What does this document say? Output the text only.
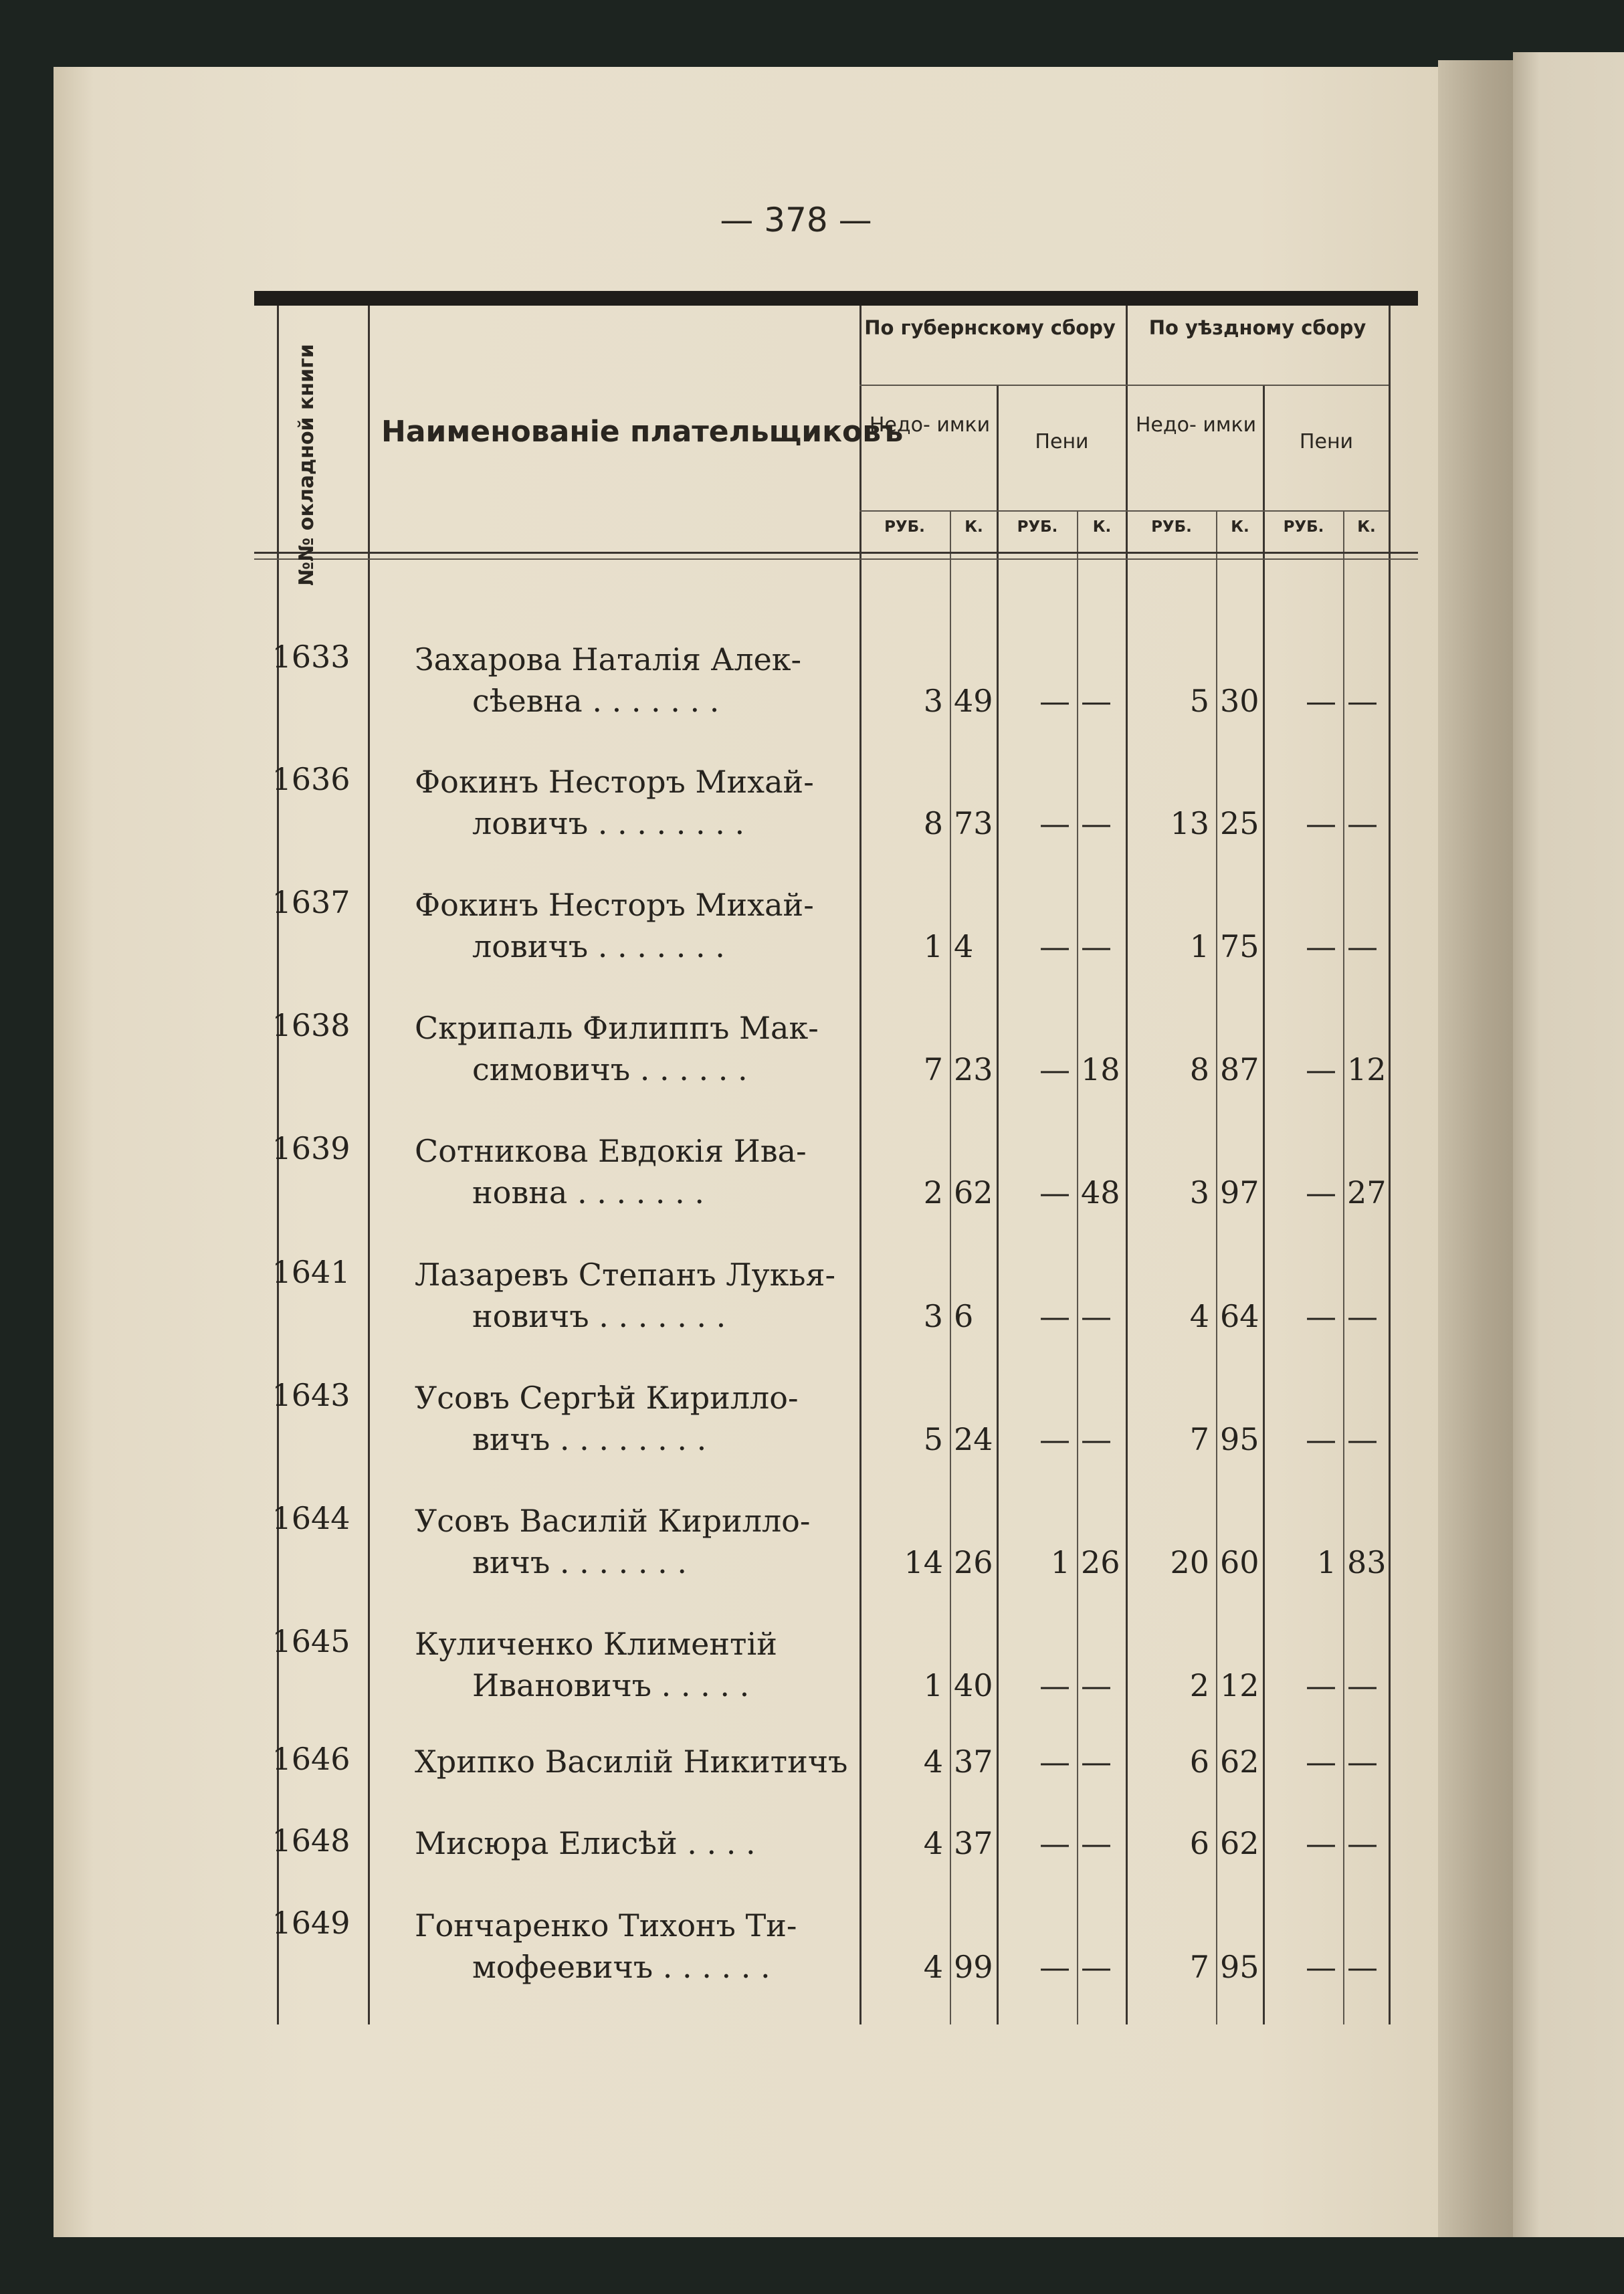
— 378 —
№№ окладной книги	Наименованіе плательщиковъ
По губернскому сбору	По уѣздному сбору
Недо- имки
Пени
Недо- имки
Пени
РУБ.	К.	РУБ.	К.	РУБ.	К.	РУБ.	К.
1633	Захарова Наталія Алек-
сѣевна . . . . . . .	3 49	— —	5 30	— —
1636	Фокинъ Несторъ Михай-
ловичъ . . . . . . . .	8 73	— —	13 25	— —
1637	Фокинъ Несторъ Михай-
ловичъ . . . . . . .	1 4	— —	1 75	— —
1638	Скрипаль Филиппъ Мак-
симовичъ . . . . . .	7 23	— 18	8 87	— 12
1639	Сотникова Евдокія Ива-
новна . . . . . . .	2 62	— 48	3 97	— 27
1641	Лазаревъ Степанъ Лукья-
новичъ . . . . . . .	3 6	— —	4 64	— —
1643	Усовъ Сергѣй Кирилло-
вичъ . . . . . . . .	5 24	— —	7 95	— —
1644	Усовъ Василій Кирилло-
вичъ . . . . . . .	14 26	1 26	20 60	1 83
1645	Куличенко Климентій
Ивановичъ . . . . .	1 40	— —	2 12	— —
1646	Хрипко Василій Никитичъ	4 37	— —	6 62	— —
1648	Мисюра Елисѣй . . . .	4 37	— —	6 62	— —
1649	Гончаренко Тихонъ Ти-
мофеевичъ . . . . . .	4 99	— —	7 95	— —
